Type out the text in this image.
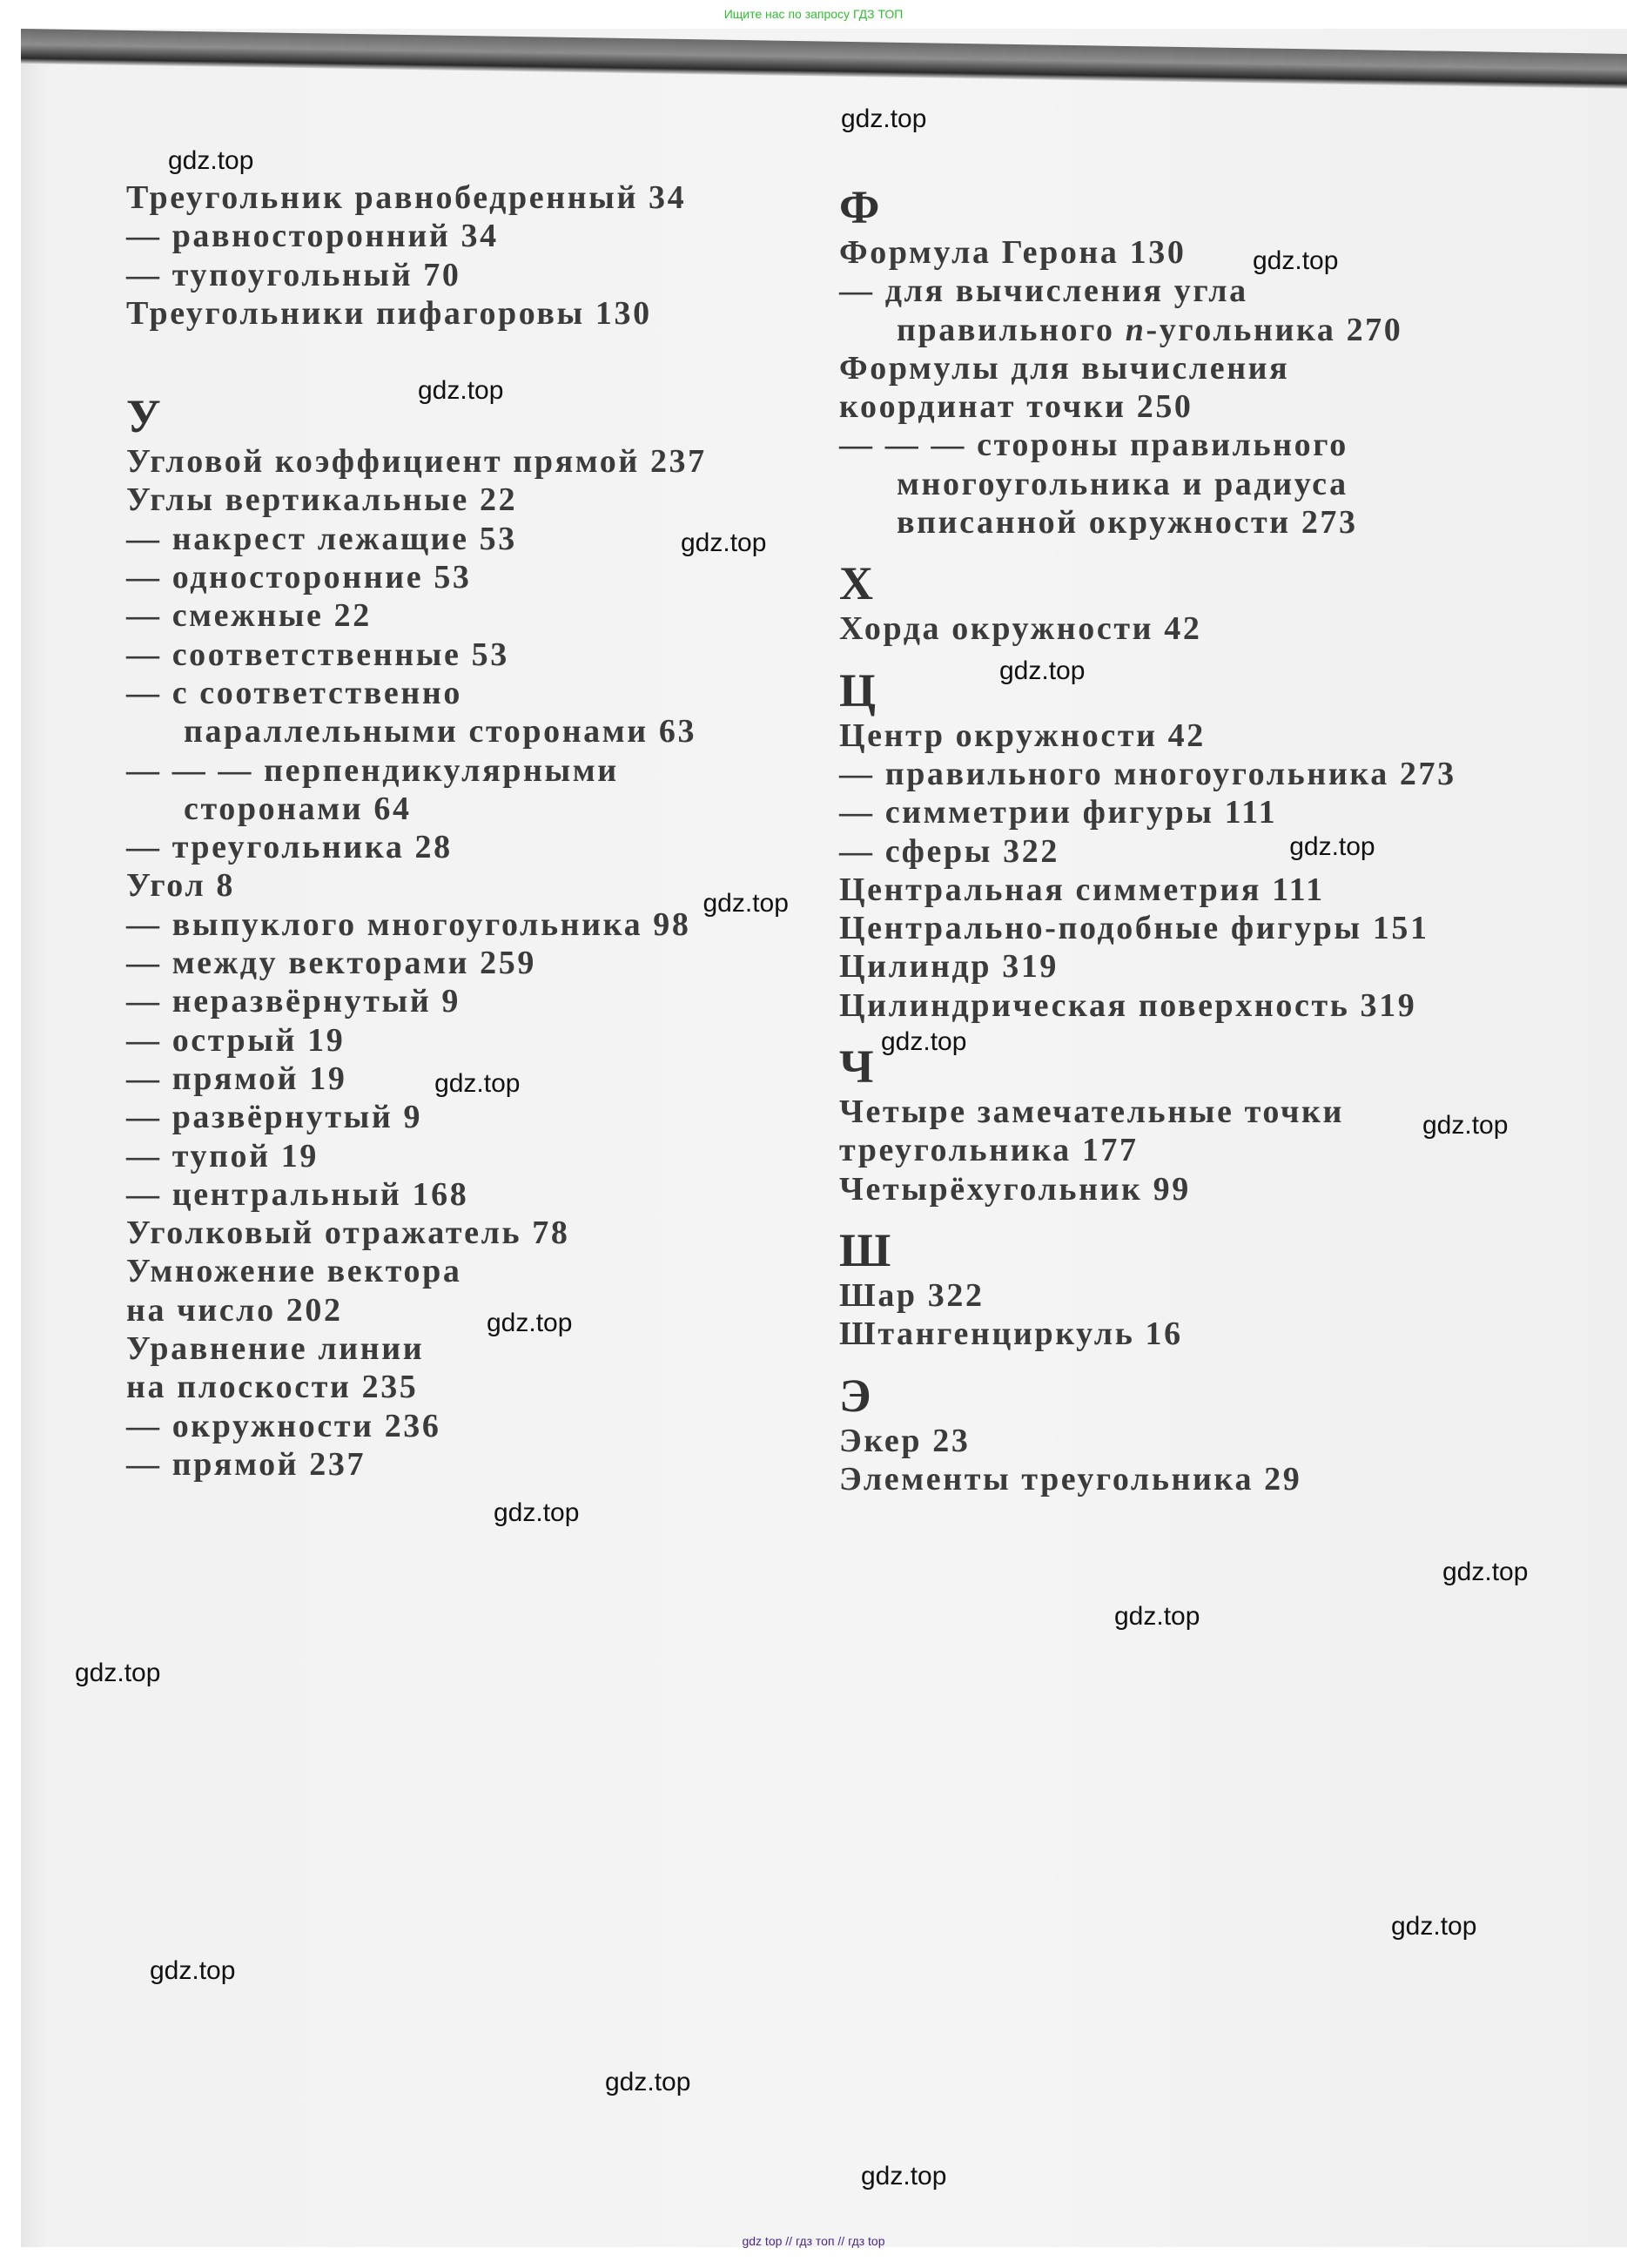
Ищите нас по запросу ГДЗ ТОП
Треугольник равнобедренный 34
— равносторонний 34
— тупоугольный 70
Треугольники пифагоровы 130
У
Угловой коэффициент прямой 237
Углы вертикальные 22
— накрест лежащие 53
— односторонние 53
— смежные 22
— соответственные 53
— с соответственно
параллельными сторонами 63
— — — перпендикулярными
сторонами 64
— треугольника 28
Угол 8
— выпуклого многоугольника 98
— между векторами 259
— неразвёрнутый 9
— острый 19
— прямой 19
— развёрнутый 9
— тупой 19
— центральный 168
Уголковый отражатель 78
Умножение вектора
на число 202
Уравнение линии
на плоскости 235
— окружности 236
— прямой 237
Ф
Формула Герона 130
— для вычисления угла
правильного n-угольника 270
Формулы для вычисления
координат точки 250
— — — стороны правильного
многоугольника и радиуса
вписанной окружности 273
Х
Хорда окружности 42
Ц
Центр окружности 42
— правильного многоугольника 273
— симметрии фигуры 111
— сферы 322
Центральная симметрия 111
Центрально-подобные фигуры 151
Цилиндр 319
Цилиндрическая поверхность 319
Ч
Четыре замечательные точки
треугольника 177
Четырёхугольник 99
Ш
Шар 322
Штангенциркуль 16
Э
Экер 23
Элементы треугольника 29
gdz.top
gdz.top
gdz.top
gdz.top
gdz.top
gdz.top
gdz.top
gdz.top
gdz.top
gdz.top
gdz.top
gdz.top
gdz.top
gdz.top
gdz.top
gdz.top
gdz.top
gdz.top
gdz.top
gdz.top
gdz top // гдз топ // гдз top
